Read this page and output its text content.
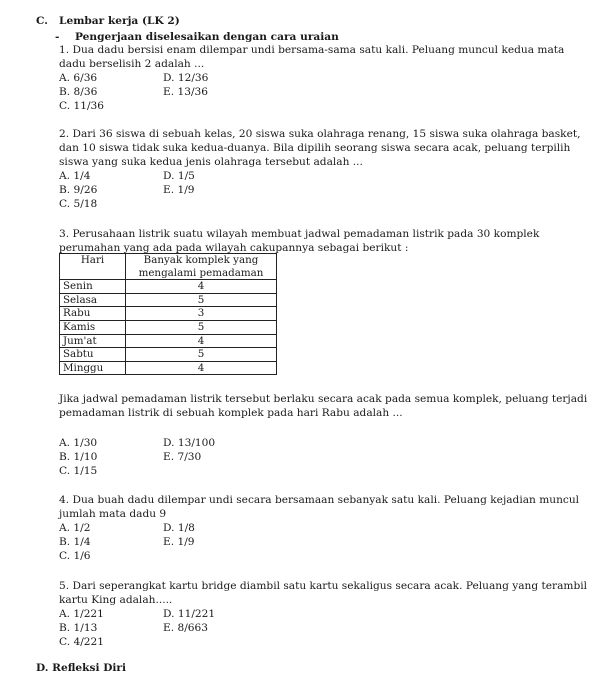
C. Lembar kerja (LK 2)
- Pengerjaan diselesaikan dengan cara uraian
1. Dua dadu bersisi enam dilempar undi bersama-sama satu kali. Peluang muncul kedua mata
dadu berselisih 2 adalah ...
A. 6/36	D. 12/36
B. 8/36	E. 13/36
C. 11/36
2. Dari 36 siswa di sebuah kelas, 20 siswa suka olahraga renang, 15 siswa suka olahraga basket,
dan 10 siswa tidak suka kedua-duanya. Bila dipilih seorang siswa secara acak, peluang terpilih
siswa yang suka kedua jenis olahraga tersebut adalah ...
A. 1/4	D. 1/5
B. 9/26	E. 1/9
C. 5/18
3. Perusahaan listrik suatu wilayah membuat jadwal pemadaman listrik pada 30 komplek
perumahan yang ada pada wilayah cakupannya sebagai berikut :
Hari	Banyak komplek yang
mengalami pemadaman

Senin	4
Selasa	5
Rabu	3
Kamis	5
Jum'at	4
Sabtu	5
Minggu	4
Jika jadwal pemadaman listrik tersebut berlaku secara acak pada semua komplek, peluang terjadi
pemadaman listrik di sebuah komplek pada hari Rabu adalah ...
A. 1/30	D. 13/100
B. 1/10	E. 7/30
C. 1/15
4. Dua buah dadu dilempar undi secara bersamaan sebanyak satu kali. Peluang kejadian muncul
jumlah mata dadu 9
A. 1/2	D. 1/8
B. 1/4	E. 1/9
C. 1/6
5. Dari seperangkat kartu bridge diambil satu kartu sekaligus secara acak. Peluang yang terambil
kartu King adalah.....
A. 1/221	D. 11/221
B. 1/13	E. 8/663
C. 4/221
D. Refleksi Diri
